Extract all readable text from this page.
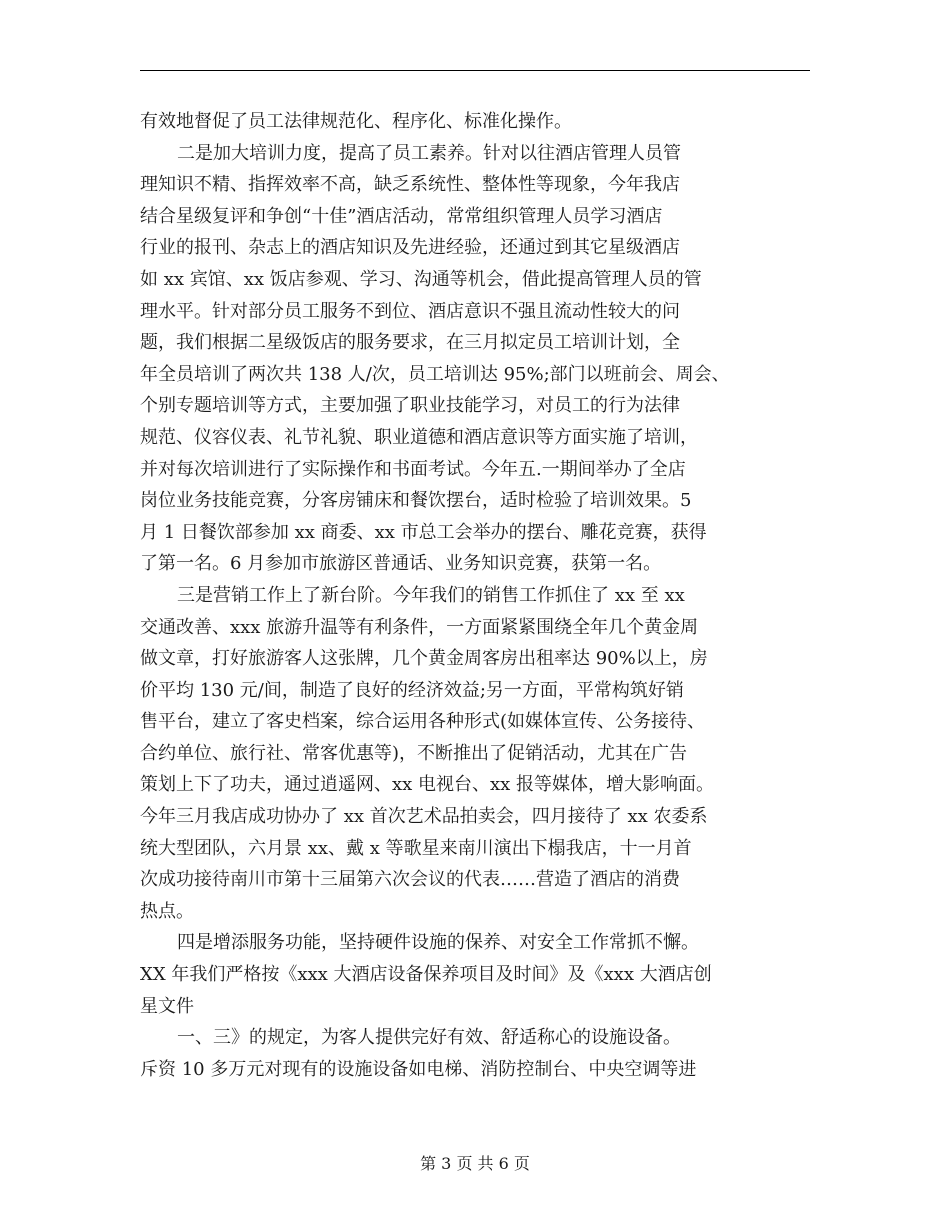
有效地督促了员工法律规范化、程序化、标准化操作。
二是加大培训力度，提高了员工素养。针对以往酒店管理人员管
理知识不精、指挥效率不高，缺乏系统性、整体性等现象，今年我店
结合星级复评和争创“十佳”酒店活动，常常组织管理人员学习酒店
行业的报刊、杂志上的酒店知识及先进经验，还通过到其它星级酒店
如 xx 宾馆、xx 饭店参观、学习、沟通等机会，借此提高管理人员的管
理水平。针对部分员工服务不到位、酒店意识不强且流动性较大的问
题，我们根据二星级饭店的服务要求，在三月拟定员工培训计划，全
年全员培训了两次共 138 人/次，员工培训达 95%;部门以班前会、周会、
个别专题培训等方式，主要加强了职业技能学习，对员工的行为法律
规范、仪容仪表、礼节礼貌、职业道德和酒店意识等方面实施了培训，
并对每次培训进行了实际操作和书面考试。今年五.一期间举办了全店
岗位业务技能竞赛，分客房铺床和餐饮摆台，适时检验了培训效果。5
月 1 日餐饮部参加 xx 商委、xx 市总工会举办的摆台、雕花竞赛，获得
了第一名。6 月参加市旅游区普通话、业务知识竞赛，获第一名。
三是营销工作上了新台阶。今年我们的销售工作抓住了 xx 至 xx
交通改善、xxx 旅游升温等有利条件，一方面紧紧围绕全年几个黄金周
做文章，打好旅游客人这张牌，几个黄金周客房出租率达 90%以上，房
价平均 130 元/间，制造了良好的经济效益;另一方面，平常构筑好销
售平台，建立了客史档案，综合运用各种形式(如媒体宣传、公务接待、
合约单位、旅行社、常客优惠等)，不断推出了促销活动，尤其在广告
策划上下了功夫，通过逍遥网、xx 电视台、xx 报等媒体，增大影响面。
今年三月我店成功协办了 xx 首次艺术品拍卖会，四月接待了 xx 农委系
统大型团队，六月景 xx、戴 x 等歌星来南川演出下榻我店，十一月首
次成功接待南川市第十三届第六次会议的代表……营造了酒店的消费
热点。
四是增添服务功能，坚持硬件设施的保养、对安全工作常抓不懈。
XX 年我们严格按《xxx 大酒店设备保养项目及时间》及《xxx 大酒店创
星文件
一、三》的规定，为客人提供完好有效、舒适称心的设施设备。
斥资 10 多万元对现有的设施设备如电梯、消防控制台、中央空调等进
第 3 页 共 6 页
